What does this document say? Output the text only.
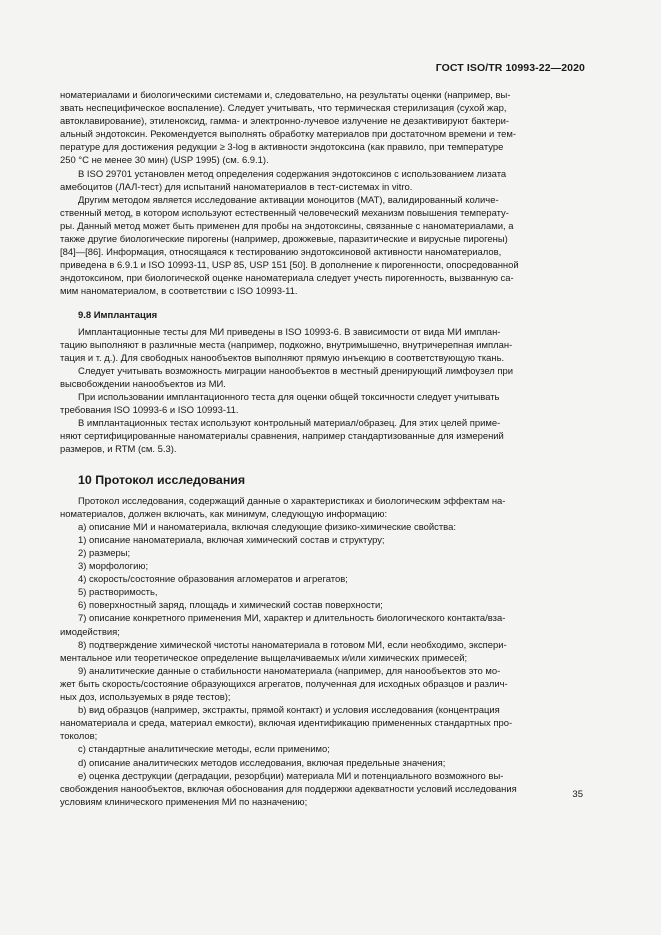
ГОСТ ISO/TR 10993-22—2020

номатериалами и биологическими системами и, следовательно, на результаты оценки (например, вы-

звать неспецифическое воспаление). Следует учитывать, что термическая стерилизация (сухой жар,

автоклавирование), этиленоксид, гамма- и электронно-лучевое излучение не дезактивируют бактери-

альный эндотоксин. Рекомендуется выполнять обработку материалов при достаточном времени и тем-

пературе для достижения редукции ≥ 3-log в активности эндотоксина (как правило, при температуре

250 °C не менее 30 мин) (USP 1995) (см. 6.9.1).

В ISO 29701 установлен метод определения содержания эндотоксинов с использованием лизата

амебоцитов (ЛАЛ-тест) для испытаний наноматериалов в тест-системах in vitro.

Другим методом является исследование активации моноцитов (МАТ), валидированный количе-

ственный метод, в котором используют естественный человеческий механизм повышения температу-

ры. Данный метод может быть применен для пробы на эндотоксины, связанные с наноматериалами, а

также другие биологические пирогены (например, дрожжевые, паразитические и вирусные пирогены)

[84]—[86]. Информация, относящаяся к тестированию эндотоксиновой активности наноматериалов,

приведена в 6.9.1 и ISO 10993-11, USP 85, USP 151 [50]. В дополнение к пирогенности, опосредованной

эндотоксином, при биологической оценке наноматериала следует учесть пирогенность, вызванную са-

мим наноматериалом, в соответствии с ISO 10993-11.

9.8 Имплантация

Имплантационные тесты для МИ приведены в ISO 10993-6. В зависимости от вида МИ имплан-

тацию выполняют в различные места (например, подкожно, внутримышечно, внутричерепная имплан-

тация и т. д.). Для свободных нанообъектов выполняют прямую инъекцию в соответствующую ткань.

Следует учитывать возможность миграции нанообъектов в местный дренирующий лимфоузел при

высвобождении нанообъектов из МИ.

При использовании имплантационного теста для оценки общей токсичности следует учитывать

требования ISO 10993-6 и ISO 10993-11.

В имплантационных тестах используют контрольный материал/образец. Для этих целей приме-

няют сертифицированные наноматериалы сравнения, например стандартизованные для измерений

размеров, и RTM (см. 5.3).

10 Протокол исследования

Протокол исследования, содержащий данные о характеристиках и биологическим эффектам на-

номатериалов, должен включать, как минимум, следующую информацию:

a) описание МИ и наноматериала, включая следующие физико-химические свойства:

1) описание наноматериала, включая химический состав и структуру;

2) размеры;

3) морфологию;

4) скорость/состояние образования агломератов и агрегатов;

5) растворимость,

6) поверхностный заряд, площадь и химический состав поверхности;

7) описание конкретного применения МИ, характер и длительность биологического контакта/вза-

имодействия;

8) подтверждение химической чистоты наноматериала в готовом МИ, если необходимо, экспери-

ментальное или теоретическое определение выщелачиваемых и/или химических примесей;

9) аналитические данные о стабильности наноматериала (например, для нанообъектов это мо-

жет быть скорость/состояние образующихся агрегатов, полученная для исходных образцов и различ-

ных доз, используемых в ряде тестов);

b) вид образцов (например, экстракты, прямой контакт) и условия исследования (концентрация

наноматериала и среда, материал емкости), включая идентификацию примененных стандартных про-

токолов;

c) стандартные аналитические методы, если применимо;

d) описание аналитических методов исследования, включая предельные значения;

e) оценка деструкции (деградации, резорбции) материала МИ и потенциального возможного вы-

свобождения нанообъектов, включая обоснования для поддержки адекватности условий исследования

условиям клинического применения МИ по назначению;

35
